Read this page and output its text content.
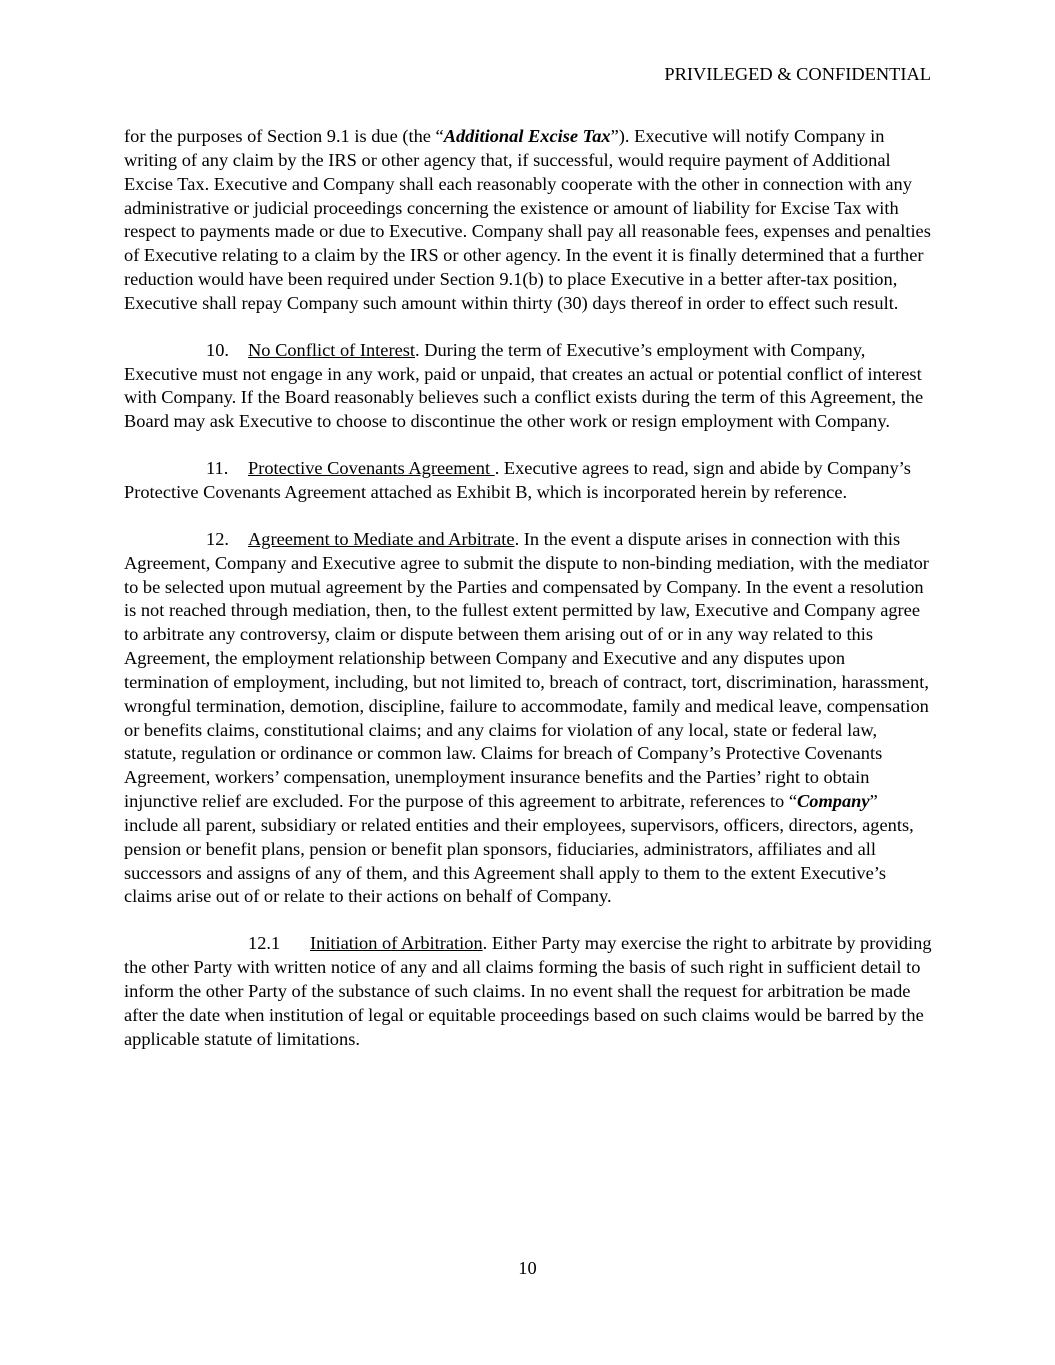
PRIVILEGED & CONFIDENTIAL

for the purposes of Section 9.1 is due (the “Additional Excise Tax”). Executive will notify Company in writing of any claim by the IRS or other agency that, if successful, would require payment of Additional Excise Tax. Executive and Company shall each reasonably cooperate with the other in connection with any administrative or judicial proceedings concerning the existence or amount of liability for Excise Tax with respect to payments made or due to Executive. Company shall pay all reasonable fees, expenses and penalties of Executive relating to a claim by the IRS or other agency. In the event it is finally determined that a further reduction would have been required under Section 9.1(b) to place Executive in a better after-tax position, Executive shall repay Company such amount within thirty (30) days thereof in order to effect such result.

10. No Conflict of Interest. During the term of Executive’s employment with Company, Executive must not engage in any work, paid or unpaid, that creates an actual or potential conflict of interest with Company. If the Board reasonably believes such a conflict exists during the term of this Agreement, the Board may ask Executive to choose to discontinue the other work or resign employment with Company.

11. Protective Covenants Agreement . Executive agrees to read, sign and abide by Company’s Protective Covenants Agreement attached as Exhibit B, which is incorporated herein by reference.

12. Agreement to Mediate and Arbitrate. In the event a dispute arises in connection with this Agreement, Company and Executive agree to submit the dispute to non-binding mediation, with the mediator to be selected upon mutual agreement by the Parties and compensated by Company. In the event a resolution is not reached through mediation, then, to the fullest extent permitted by law, Executive and Company agree to arbitrate any controversy, claim or dispute between them arising out of or in any way related to this Agreement, the employment relationship between Company and Executive and any disputes upon termination of employment, including, but not limited to, breach of contract, tort, discrimination, harassment, wrongful termination, demotion, discipline, failure to accommodate, family and medical leave, compensation or benefits claims, constitutional claims; and any claims for violation of any local, state or federal law, statute, regulation or ordinance or common law. Claims for breach of Company’s Protective Covenants Agreement, workers’ compensation, unemployment insurance benefits and the Parties’ right to obtain injunctive relief are excluded. For the purpose of this agreement to arbitrate, references to “Company” include all parent, subsidiary or related entities and their employees, supervisors, officers, directors, agents, pension or benefit plans, pension or benefit plan sponsors, fiduciaries, administrators, affiliates and all successors and assigns of any of them, and this Agreement shall apply to them to the extent Executive’s claims arise out of or relate to their actions on behalf of Company.

12.1 Initiation of Arbitration. Either Party may exercise the right to arbitrate by providing the other Party with written notice of any and all claims forming the basis of such right in sufficient detail to inform the other Party of the substance of such claims. In no event shall the request for arbitration be made after the date when institution of legal or equitable proceedings based on such claims would be barred by the applicable statute of limitations.

10
